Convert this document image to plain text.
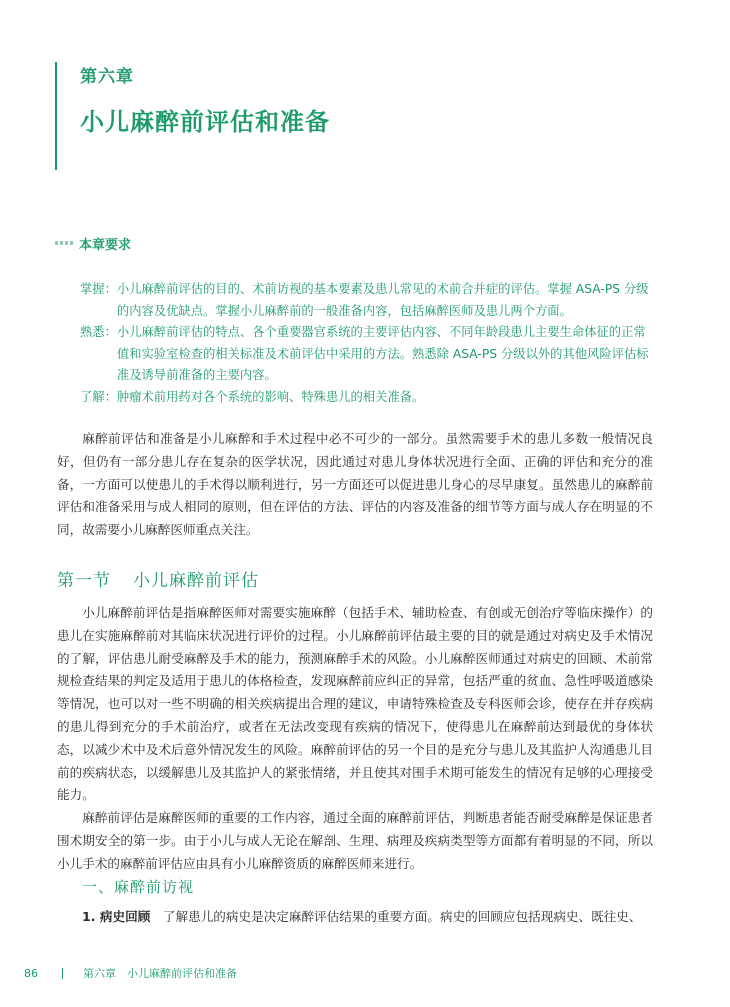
第六章
小儿麻醉前评估和准备
本章要求
掌握： 小儿麻醉前评估的目的、术前访视的基本要素及患儿常见的术前合并症的评估。掌握 ASA-PS 分级的内容及优缺点。掌握小儿麻醉前的一般准备内容，包括麻醉医师及患儿两个方面。
熟悉： 小儿麻醉前评估的特点、各个重要器官系统的主要评估内容、不同年龄段患儿主要生命体征的正常值和实验室检查的相关标准及术前评估中采用的方法。熟悉除 ASA-PS 分级以外的其他风险评估标准及诱导前准备的主要内容。
了解： 肿瘤术前用药对各个系统的影响、特殊患儿的相关准备。

麻醉前评估和准备是小儿麻醉和手术过程中必不可少的一部分。虽然需要手术的患儿多数一般情况良好，但仍有一部分患儿存在复杂的医学状况，因此通过对患儿身体状况进行全面、正确的评估和充分的准备，一方面可以使患儿的手术得以顺利进行，另一方面还可以促进患儿身心的尽早康复。虽然患儿的麻醉前评估和准备采用与成人相同的原则，但在评估的方法、评估的内容及准备的细节等方面与成人存在明显的不同，故需要小儿麻醉医师重点关注。

第一节 小儿麻醉前评估

小儿麻醉前评估是指麻醉医师对需要实施麻醉（包括手术、辅助检查、有创或无创治疗等临床操作）的患儿在实施麻醉前对其临床状况进行评价的过程。小儿麻醉前评估最主要的目的就是通过对病史及手术情况的了解，评估患儿耐受麻醉及手术的能力，预测麻醉手术的风险。小儿麻醉医师通过对病史的回顾、术前常规检查结果的判定及适用于患儿的体格检查，发现麻醉前应纠正的异常，包括严重的贫血、急性呼吸道感染等情况，也可以对一些不明确的相关疾病提出合理的建议，申请特殊检查及专科医师会诊，使存在并存疾病的患儿得到充分的手术前治疗，或者在无法改变现有疾病的情况下，使得患儿在麻醉前达到最优的身体状态，以减少术中及术后意外情况发生的风险。麻醉前评估的另一个目的是充分与患儿及其监护人沟通患儿目前的疾病状态，以缓解患儿及其监护人的紧张情绪，并且使其对围手术期可能发生的情况有足够的心理接受能力。

麻醉前评估是麻醉医师的重要的工作内容，通过全面的麻醉前评估，判断患者能否耐受麻醉是保证患者围术期安全的第一步。由于小儿与成人无论在解剖、生理、病理及疾病类型等方面都有着明显的不同，所以小儿手术的麻醉前评估应由具有小儿麻醉资质的麻醉医师来进行。

一、麻醉前访视
1. 病史回顾　 了解患儿的病史是决定麻醉评估结果的重要方面。病史的回顾应包括现病史、既往史、
86	第六章　小儿麻醉前评估和准备
